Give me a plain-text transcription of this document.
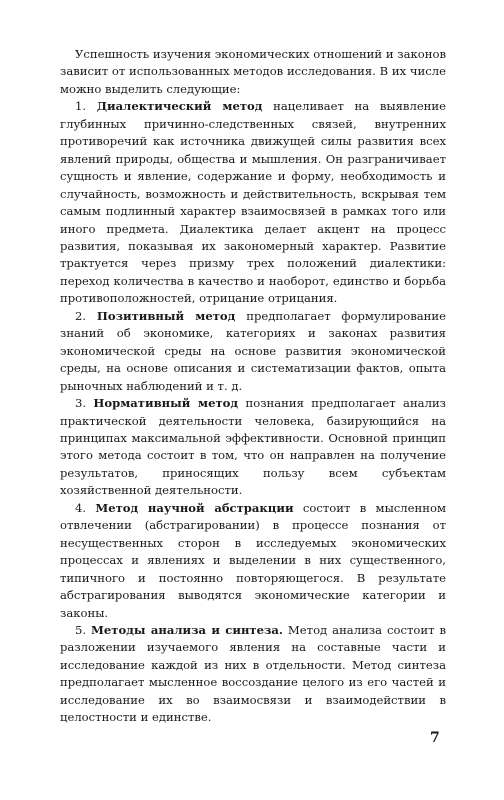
Успешность изучения экономических отношений и законов зависит от использованных методов исследования. В их числе можно выделить следующие:

1. Диалектический метод нацеливает на выявление глубинных причинно-следственных связей, внутренних противоречий как источника движущей силы развития всех явлений природы, общества и мышления. Он разграничивает сущность и явление, содержание и форму, необходимость и случайность, возможность и действительность, вскрывая тем самым подлинный характер взаимосвязей в рамках того или иного предмета. Диалектика делает акцент на процесс развития, показывая их закономерный характер. Развитие трактуется через призму трех положений диалектики: переход количества в качество и наоборот, единство и борьба противоположностей, отрицание отрицания.

2. Позитивный метод предполагает формулирование знаний об экономике, категориях и законах развития экономической среды на основе развития экономической среды, на основе описания и систематизации фактов, опыта рыночных наблюдений и т. д.

3. Нормативный метод познания предполагает анализ практической деятельности человека, базирующийся на принципах максимальной эффективности. Основной принцип этого метода состоит в том, что он направлен на получение результатов, приносящих пользу всем субъектам хозяйственной деятельности.

4. Метод научной абстракции состоит в мысленном отвлечении (абстрагировании) в процессе познания от несущественных сторон в исследуемых экономических процессах и явлениях и выделении в них существенного, типичного и постоянно повторяющегося. В результате абстрагирования выводятся экономические категории и законы.

5. Методы анализа и синтеза. Метод анализа состоит в разложении изучаемого явления на составные части и исследование каждой из них в отдельности. Метод синтеза предполагает мысленное воссоздание целого из его частей и исследование их во взаимосвязи и взаимодействии в целостности и единстве.

7
